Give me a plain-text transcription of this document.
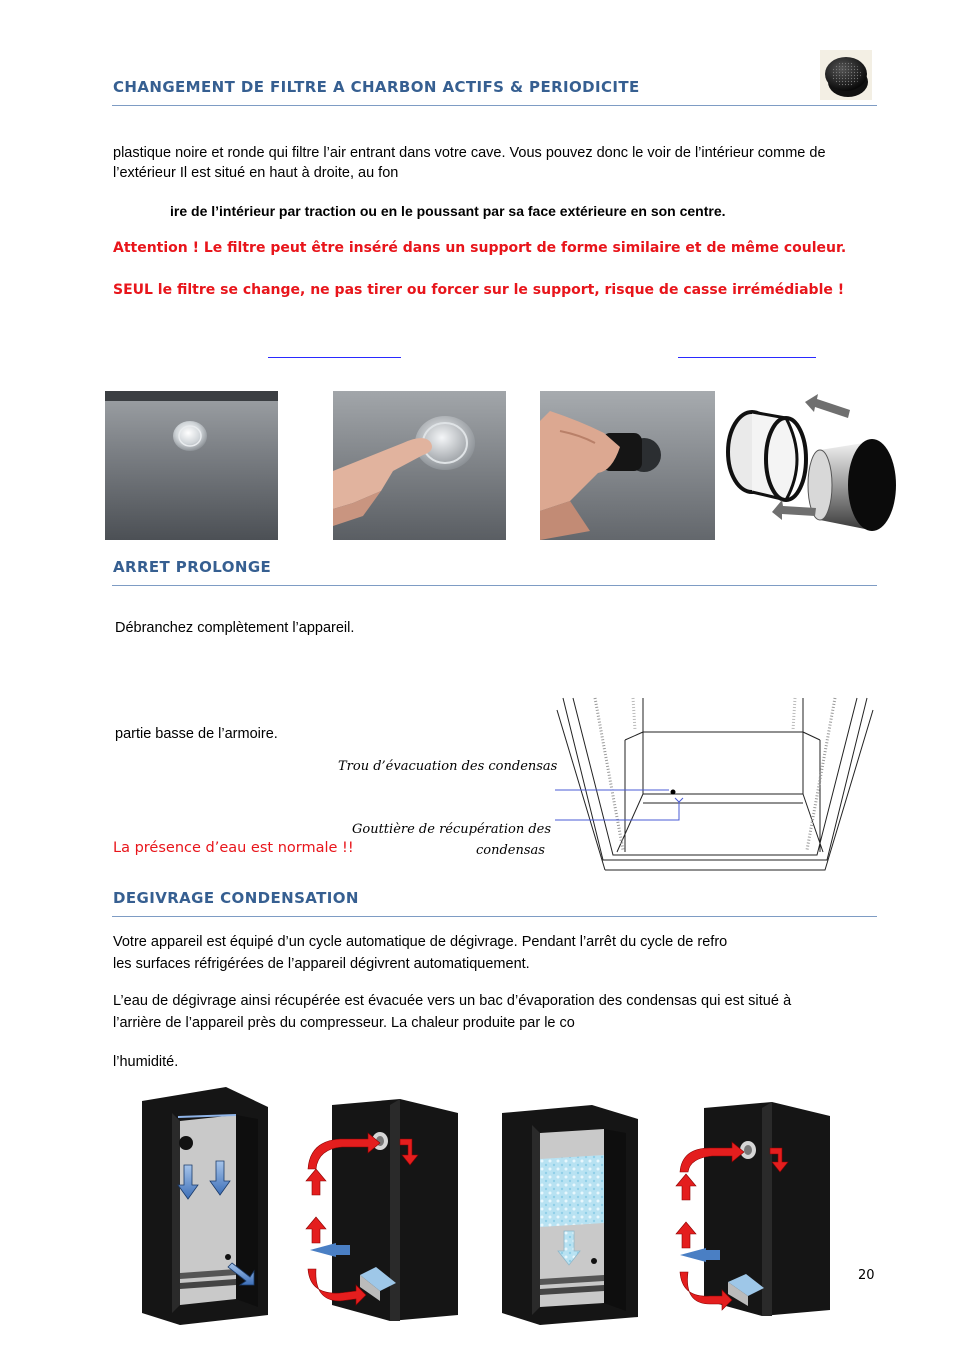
CHANGEMENT DE FILTRE A CHARBON ACTIFS & PERIODICITE
plastique noire et ronde qui filtre l’air entrant dans votre cave. Vous pouvez donc le voir de l’intérieur comme de l’extérieur Il est situé en haut à droite, au fon
ire de l’intérieur par traction ou en le poussant par sa face extérieure en son centre.
Attention ! Le filtre peut être inséré dans un support de forme similaire et de même couleur.
SEUL le filtre se change, ne pas tirer ou forcer sur le support, risque de casse irrémédiable !
ARRET PROLONGE
Débranchez complètement l’appareil.
partie basse de l’armoire.
Trou d’évacuation des condensas
Gouttière de récupération des
condensas
La présence d’eau est normale !!
DEGIVRAGE CONDENSATION
Votre appareil est équipé d’un cycle automatique de dégivrage. Pendant l’arrêt du cycle de refro
les surfaces réfrigérées de l’appareil dégivrent automatiquement.
L’eau de dégivrage ainsi récupérée est évacuée vers un bac d’évaporation des condensas qui est situé à
l’arrière de l’appareil près du compresseur. La chaleur produite par le co
l’humidité.
20
